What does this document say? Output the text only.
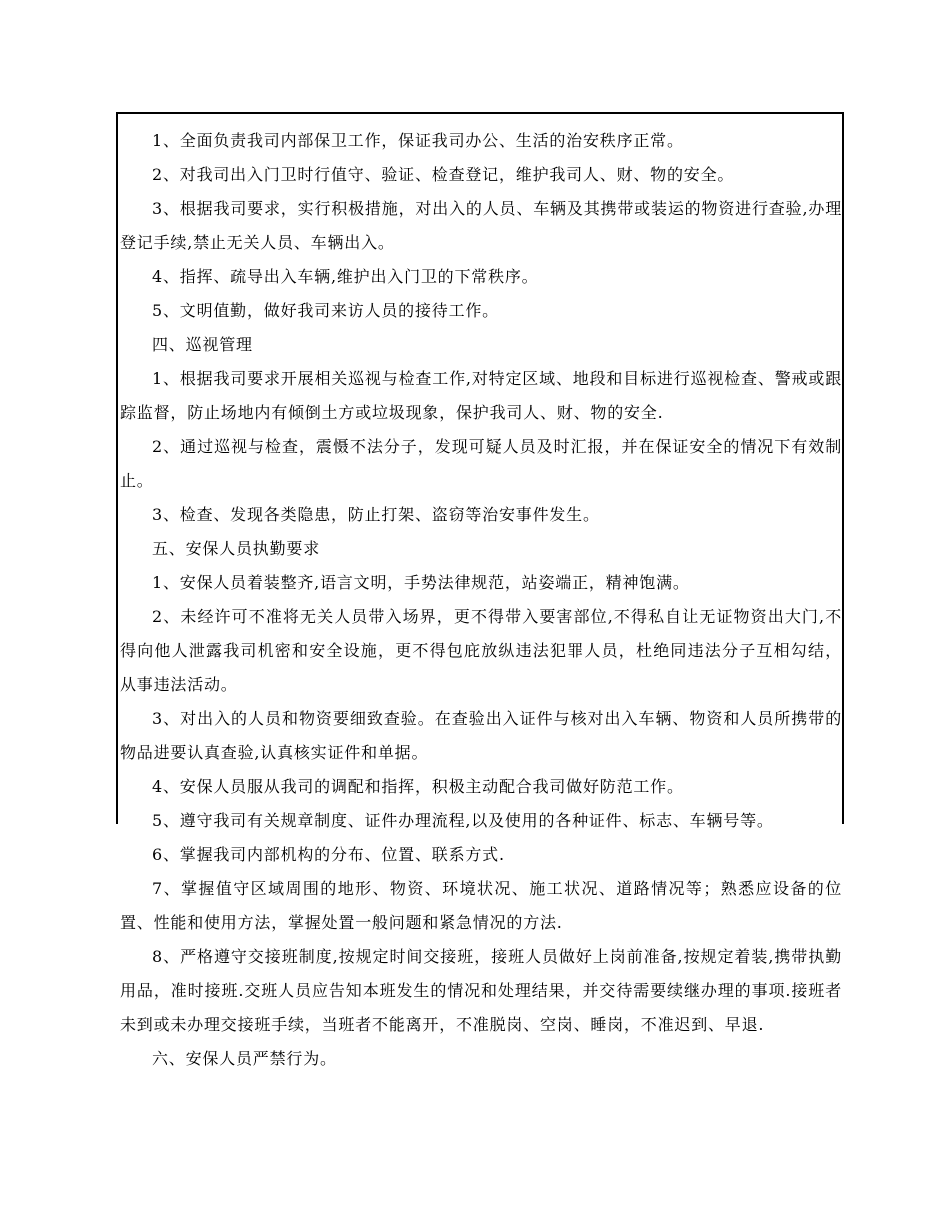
1、全面负责我司内部保卫工作，保证我司办公、生活的治安秩序正常。

2、对我司出入门卫时行值守、验证、检查登记，维护我司人、财、物的安全。

3、根据我司要求，实行积极措施，对出入的人员、车辆及其携带或装运的物资进行查验,办理登记手续,禁止无关人员、车辆出入。

4、指挥、疏导出入车辆,维护出入门卫的下常秩序。

5、文明值勤，做好我司来访人员的接待工作。

四、巡视管理

1、根据我司要求开展相关巡视与检查工作,对特定区域、地段和目标进行巡视检查、警戒或跟踪监督，防止场地内有倾倒土方或垃圾现象，保护我司人、财、物的安全.

2、通过巡视与检查，震慑不法分子，发现可疑人员及时汇报，并在保证安全的情况下有效制止。

3、检查、发现各类隐患，防止打架、盗窃等治安事件发生。

五、安保人员执勤要求

1、安保人员着装整齐,语言文明，手势法律规范，站姿端正，精神饱满。

2、未经许可不准将无关人员带入场界，更不得带入要害部位,不得私自让无证物资出大门,不得向他人泄露我司机密和安全设施，更不得包庇放纵违法犯罪人员，杜绝同违法分子互相勾结，从事违法活动。

3、对出入的人员和物资要细致查验。在查验出入证件与核对出入车辆、物资和人员所携带的物品进要认真查验,认真核实证件和单据。

4、安保人员服从我司的调配和指挥，积极主动配合我司做好防范工作。

5、遵守我司有关规章制度、证件办理流程,以及使用的各种证件、标志、车辆号等。

6、掌握我司内部机构的分布、位置、联系方式.

7、掌握值守区域周围的地形、物资、环境状况、施工状况、道路情况等；熟悉应设备的位置、性能和使用方法，掌握处置一般问题和紧急情况的方法.

8、严格遵守交接班制度,按规定时间交接班，接班人员做好上岗前准备,按规定着装,携带执勤用品，准时接班.交班人员应告知本班发生的情况和处理结果，并交待需要续继办理的事项.接班者未到或未办理交接班手续，当班者不能离开，不准脱岗、空岗、睡岗，不准迟到、早退.

六、安保人员严禁行为。
